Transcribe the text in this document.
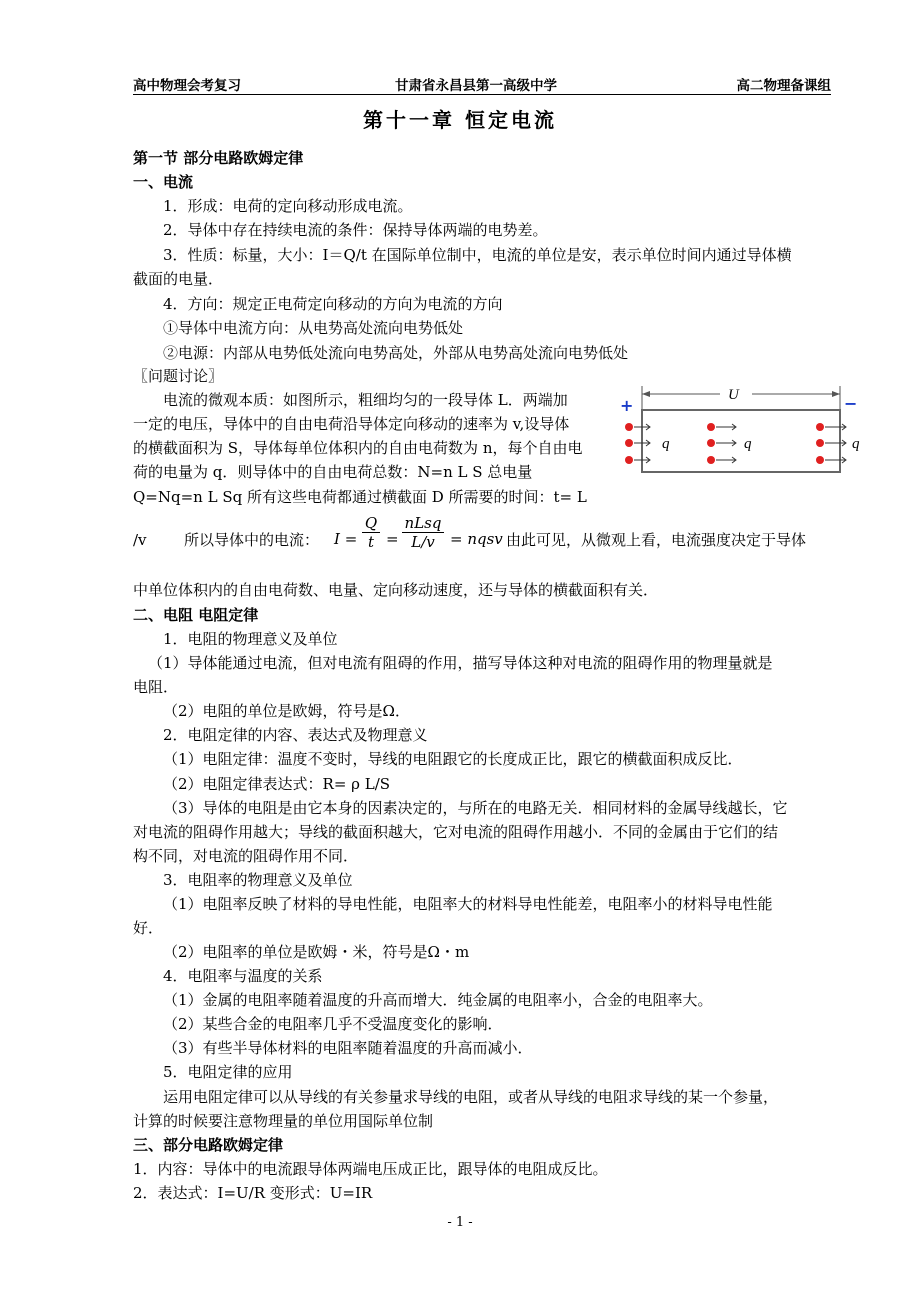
高中物理会考复习	甘肃省永昌县第一高级中学	高二物理备课组
第十一章 恒定电流
第一节 部分电路欧姆定律
一、电流
1．形成：电荷的定向移动形成电流。
2．导体中存在持续电流的条件：保持导体两端的电势差。
3．性质：标量，大小：I＝Q/t 在国际单位制中，电流的单位是安，表示单位时间内通过导体横
截面的电量．
4．方向：规定正电荷定向移动的方向为电流的方向
①导体中电流方向：从电势高处流向电势低处
②电源：内部从电势低处流向电势高处，外部从电势高处流向电势低处
〖问题讨论〗
电流的微观本质：如图所示，粗细均匀的一段导体 L．两端加
一定的电压，导体中的自由电荷沿导体定向移动的速率为 v,设导体
的横截面积为 S，导体每单位体积内的自由电荷数为 n，每个自由电
荷的电量为 q．则导体中的自由电荷总数：N=n L S 总电量
Q=Nq=n L Sq 所有这些电荷都通过横截面 D 所需要的时间：t= L
U
+	−
q	q	q
/v 所以导体中的电流： I =
Q
t =
nLsq
L/v	= nqsv 由此可见，从微观上看，电流强度决定于导体
中单位体积内的自由电荷数、电量、定向移动速度，还与导体的横截面积有关．
二、电阻 电阻定律
1．电阻的物理意义及单位
（1）导体能通过电流，但对电流有阻碍的作用，描写导体这种对电流的阻碍作用的物理量就是
电阻．
（2）电阻的单位是欧姆，符号是Ω．
2．电阻定律的内容、表达式及物理意义
（1）电阻定律：温度不变时，导线的电阻跟它的长度成正比，跟它的横截面积成反比．
（2）电阻定律表达式：R= ρ L/S
（3）导体的电阻是由它本身的因素决定的，与所在的电路无关．相同材料的金属导线越长，它
对电流的阻碍作用越大；导线的截面积越大，它对电流的阻碍作用越小．不同的金属由于它们的结
构不同，对电流的阻碍作用不同．
3．电阻率的物理意义及单位
（1）电阻率反映了材料的导电性能，电阻率大的材料导电性能差，电阻率小的材料导电性能
好．
（2）电阻率的单位是欧姆・米，符号是Ω・m
4．电阻率与温度的关系
（1）金属的电阻率随着温度的升高而增大．纯金属的电阻率小，合金的电阻率大。
（2）某些合金的电阻率几乎不受温度变化的影响．
（3）有些半导体材料的电阻率随着温度的升高而减小．
5．电阻定律的应用
运用电阻定律可以从导线的有关参量求导线的电阻，或者从导线的电阻求导线的某一个参量，
计算的时候要注意物理量的单位用国际单位制
三、部分电路欧姆定律
1．内容：导体中的电流跟导体两端电压成正比，跟导体的电阻成反比。
2．表达式：I=U/R 变形式：U=IR
- 1 -
